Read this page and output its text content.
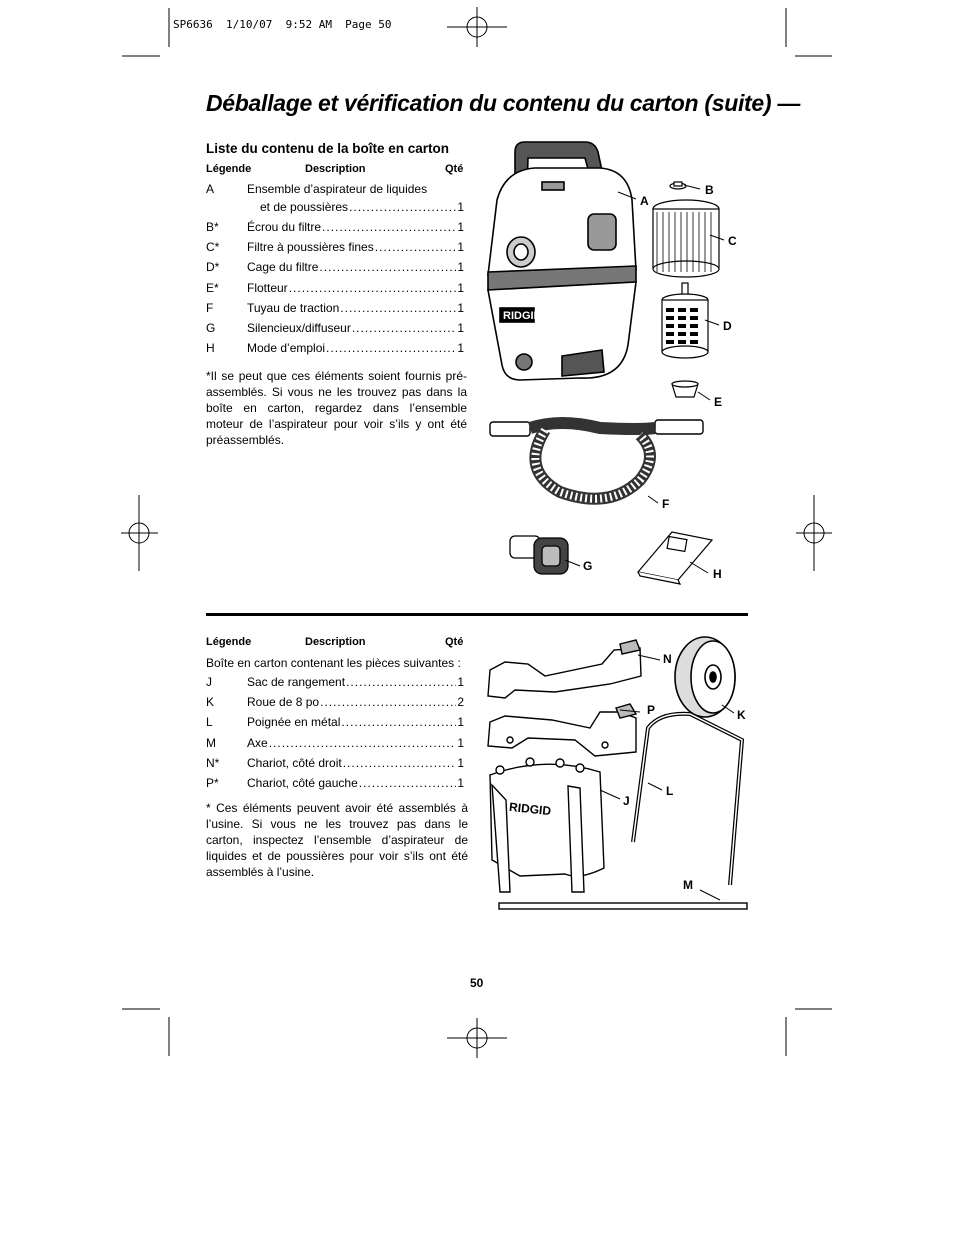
SP6636  1/10/07  9:52 AM  Page 50
Déballage et vérification du contenu du carton (suite) —
Liste du contenu de la boîte en carton
Légende	Description	Qté
A	Ensemble d’aspirateur de liquides
et de poussières .....	1
B*	Écrou du filtre .....	1
C*	Filtre à poussières fines .....	1
D*	Cage du filtre .....	1
E*	Flotteur .....	1
F	Tuyau de traction .....	1
G	Silencieux/diffuseur .....	1
H	Mode d’emploi .....	1
*Il se peut que ces éléments soient fournis pré-assemblés. Si vous ne les trouvez pas dans la boîte en carton, regardez dans l’ensemble moteur de l’aspirateur pour voir s’ils y ont été préassemblés.
Légende	Description	Qté
Boîte en carton contenant les pièces suivantes :
J	Sac de rangement .....	1
K	Roue de 8 po .....	2
L	Poignée en métal .....	1
M	Axe .....	1
N*	Chariot, côté droit .....	1
P*	Chariot, côté gauche .....	1
* Ces éléments peuvent avoir été assemblés à l’usine. Si vous ne les trouvez pas dans le carton, inspectez l’ensemble d’aspirateur de liquides et de poussières pour voir s’ils ont été assemblés à l’usine.
RIDGID
RIDGID
A
B
C
D
E
F
G
H
N
P	K
L
J
M
50
